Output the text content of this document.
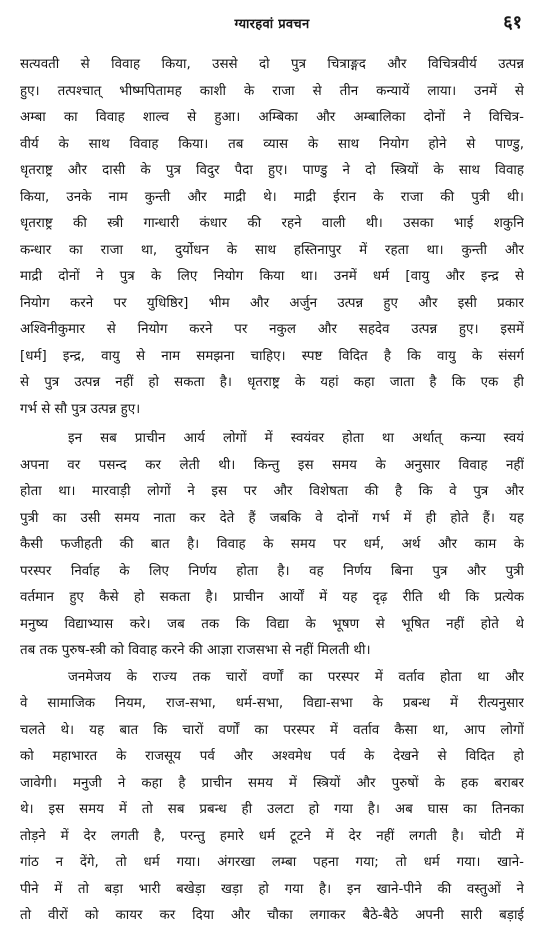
ग्यारहवां प्रवचन	६१
सत्यवती से विवाह किया, उससे दो पुत्र चित्राङ्गद और विचित्रवीर्य उत्पन्न
हुए। तत्पश्चात् भीष्मपितामह काशी के राजा से तीन कन्यायें लाया। उनमें से
अम्बा का विवाह शाल्व से हुआ। अम्बिका और अम्बालिका दोनों ने विचित्र-
वीर्य के साथ विवाह किया। तब व्यास के साथ नियोग होने से पाण्डु,
धृतराष्ट्र और दासी के पुत्र विदुर पैदा हुए। पाण्डु ने दो स्त्रियों के साथ विवाह
किया, उनके नाम कुन्ती और माद्री थे। माद्री ईरान के राजा की पुत्री थी।
धृतराष्ट्र की स्त्री गान्धारी कंधार की रहने वाली थी। उसका भाई शकुनि
कन्धार का राजा था, दुर्योधन के साथ हस्तिनापुर में रहता था। कुन्ती और
माद्री दोनों ने पुत्र के लिए नियोग किया था। उनमें धर्म [वायु और इन्द्र से
नियोग करने पर युधिष्ठिर] भीम और अर्जुन उत्पन्न हुए और इसी प्रकार
अश्विनीकुमार से नियोग करने पर नकुल और सहदेव उत्पन्न हुए। इसमें
[धर्म] इन्द्र, वायु से नाम समझना चाहिए। स्पष्ट विदित है कि वायु के संसर्ग
से पुत्र उत्पन्न नहीं हो सकता है। धृतराष्ट्र के यहां कहा जाता है कि एक ही
गर्भ से सौ पुत्र उत्पन्न हुए।
इन सब प्राचीन आर्य लोगों में स्वयंवर होता था अर्थात् कन्या स्वयं
अपना वर पसन्द कर लेती थी। किन्तु इस समय के अनुसार विवाह नहीं
होता था। मारवाड़ी लोगों ने इस पर और विशेषता की है कि वे पुत्र और
पुत्री का उसी समय नाता कर देते हैं जबकि वे दोनों गर्भ में ही होते हैं। यह
कैसी फजीहती की बात है। विवाह के समय पर धर्म, अर्थ और काम के
परस्पर निर्वाह के लिए निर्णय होता है। वह निर्णय बिना पुत्र और पुत्री
वर्तमान हुए कैसे हो सकता है। प्राचीन आर्यों में यह दृढ़ रीति थी कि प्रत्येक
मनुष्य विद्याभ्यास करे। जब तक कि विद्या के भूषण से भूषित नहीं होते थे
तब तक पुरुष-स्त्री को विवाह करने की आज्ञा राजसभा से नहीं मिलती थी।
जनमेजय के राज्य तक चारों वर्णों का परस्पर में वर्ताव होता था और
वे सामाजिक नियम, राज-सभा, धर्म-सभा, विद्या-सभा के प्रबन्ध में रीत्यनुसार
चलते थे। यह बात कि चारों वर्णों का परस्पर में वर्ताव कैसा था, आप लोगों
को महाभारत के राजसूय पर्व और अश्वमेध पर्व के देखने से विदित हो
जावेगी। मनुजी ने कहा है प्राचीन समय में स्त्रियों और पुरुषों के हक बराबर
थे। इस समय में तो सब प्रबन्ध ही उलटा हो गया है। अब घास का तिनका
तोड़ने में देर लगती है, परन्तु हमारे धर्म टूटने में देर नहीं लगती है। चोटी में
गांठ न देंगे, तो धर्म गया। अंगरखा लम्बा पहना गया; तो धर्म गया। खाने-
पीने में तो बड़ा भारी बखेड़ा खड़ा हो गया है। इन खाने-पीने की वस्तुओं ने
तो वीरों को कायर कर दिया और चौका लगाकर बैठे-बैठे अपनी सारी बड़ाई
